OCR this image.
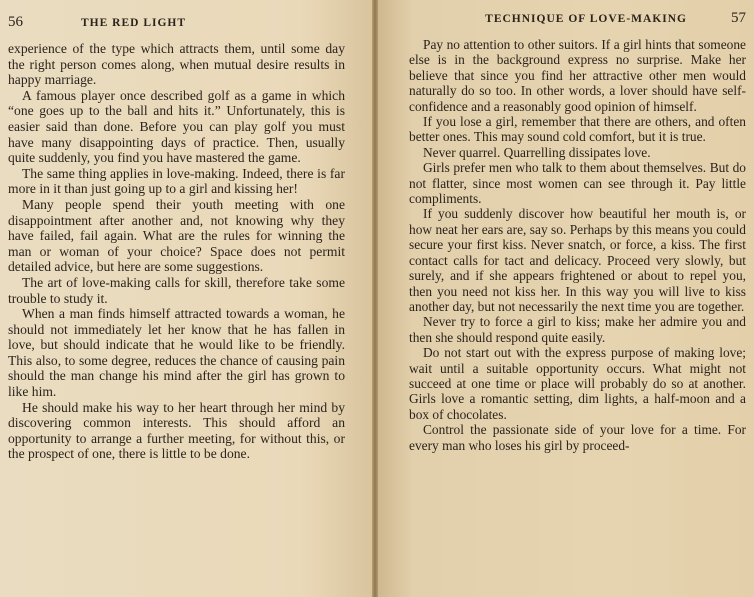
56	THE RED LIGHT

experience of the type which attracts them, until some day the right person comes along, when mutual desire results in happy marriage.

A famous player once described golf as a game in which “one goes up to the ball and hits it.” Unfortunately, this is easier said than done. Before you can play golf you must have many disappointing days of practice. Then, usually quite suddenly, you find you have mastered the game.

The same thing applies in love-making. Indeed, there is far more in it than just going up to a girl and kissing her!

Many people spend their youth meeting with one disappointment after another and, not knowing why they have failed, fail again. What are the rules for winning the man or woman of your choice? Space does not permit detailed advice, but here are some suggestions.

The art of love-making calls for skill, therefore take some trouble to study it.

When a man finds himself attracted towards a woman, he should not immediately let her know that he has fallen in love, but should indicate that he would like to be friendly. This also, to some degree, reduces the chance of causing pain should the man change his mind after the girl has grown to like him.

He should make his way to her heart through her mind by discovering common interests. This should afford an opportunity to arrange a further meeting, for without this, or the prospect of one, there is little to be done.

TECHNIQUE OF LOVE-MAKING	57

Pay no attention to other suitors. If a girl hints that someone else is in the background express no surprise. Make her believe that since you find her attractive other men would naturally do so too. In other words, a lover should have self-confidence and a reasonably good opinion of himself.

If you lose a girl, remember that there are others, and often better ones. This may sound cold comfort, but it is true.

Never quarrel. Quarrelling dissipates love.

Girls prefer men who talk to them about themselves. But do not flatter, since most women can see through it. Pay little compliments.

If you suddenly discover how beautiful her mouth is, or how neat her ears are, say so. Perhaps by this means you could secure your first kiss. Never snatch, or force, a kiss. The first contact calls for tact and delicacy. Proceed very slowly, but surely, and if she appears frightened or about to repel you, then you need not kiss her. In this way you will live to kiss another day, but not necessarily the next time you are together.

Never try to force a girl to kiss; make her admire you and then she should respond quite easily.

Do not start out with the express purpose of making love; wait until a suitable opportunity occurs. What might not succeed at one time or place will probably do so at another. Girls love a romantic setting, dim lights, a half-moon and a box of chocolates.

Control the passionate side of your love for a time. For every man who loses his girl by proceed-
